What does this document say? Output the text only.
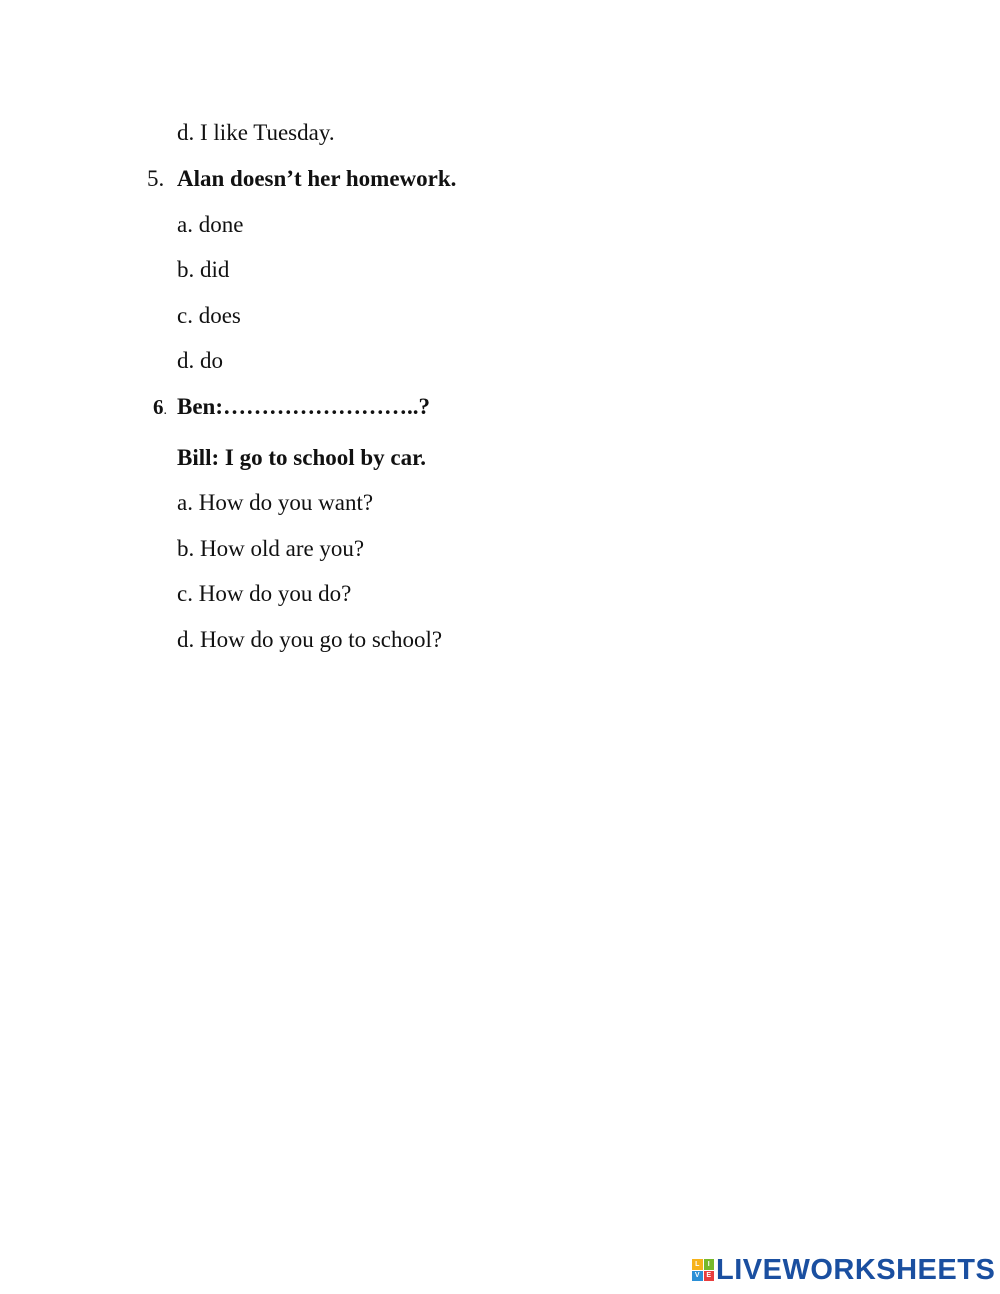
d. I like Tuesday.
5. Alan doesn’t her homework.
a. done
b. did
c. does
d. do
6. Ben:……………………..?
Bill: I go to school by car.
a. How do you want?
b. How old are you?
c. How do you do?
d. How do you go to school?
L	I
V E LIVEWORKSHEETS
